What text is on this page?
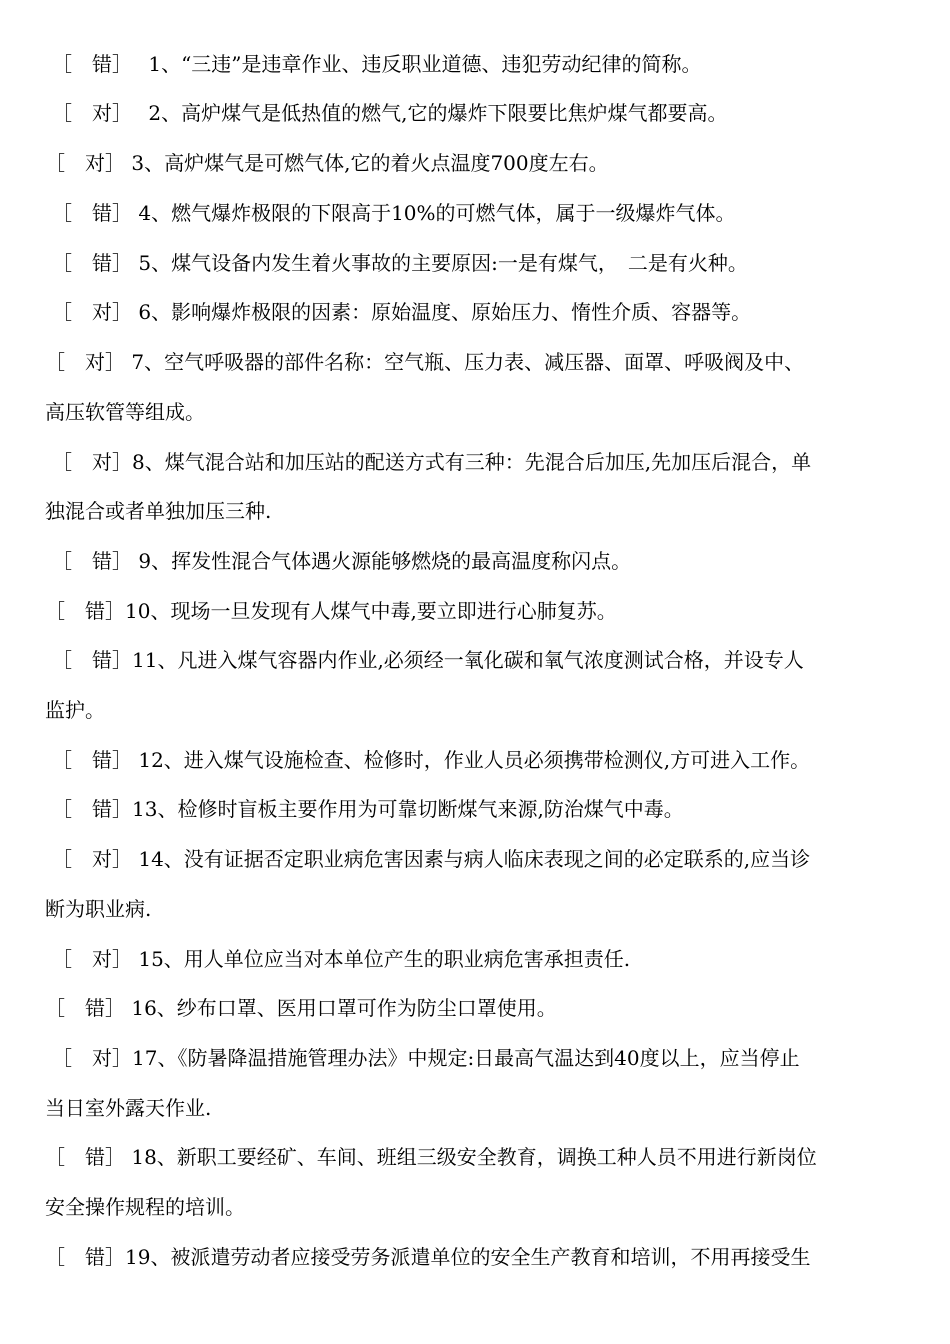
［　错］　 1、“三违”是违章作业、违反职业道德、违犯劳动纪律的简称。
［　对］　 2、高炉煤气是低热值的燃气,它的爆炸下限要比焦炉煤气都要高。
［　对］ 3、高炉煤气是可燃气体,它的着火点温度700度左右。
［　错］ 4、燃气爆炸极限的下限高于10%的可燃气体，属于一级爆炸气体。
［　错］ 5、煤气设备内发生着火事故的主要原因:一是有煤气，　二是有火种。
［　对］ 6、影响爆炸极限的因素：原始温度、原始压力、惰性介质、容器等。
［　对］ 7、空气呼吸器的部件名称：空气瓶、压力表、减压器、面罩、呼吸阀及中、
高压软管等组成。
［　对］8、煤气混合站和加压站的配送方式有三种：先混合后加压,先加压后混合，单
独混合或者单独加压三种.
［　错］ 9、挥发性混合气体遇火源能够燃烧的最高温度称闪点。
［　错］10、现场一旦发现有人煤气中毒,要立即进行心肺复苏。
［　错］11、凡进入煤气容器内作业,必须经一氧化碳和氧气浓度测试合格，并设专人
监护。
［　错］ 12、进入煤气设施检查、检修时，作业人员必须携带检测仪,方可进入工作。
［　错］13、检修时盲板主要作用为可靠切断煤气来源,防治煤气中毒。
［　对］ 14、没有证据否定职业病危害因素与病人临床表现之间的必定联系的,应当诊
断为职业病.
［　对］ 15、用人单位应当对本单位产生的职业病危害承担责任.
［　错］ 16、纱布口罩、医用口罩可作为防尘口罩使用。
［　对］17、《防暑降温措施管理办法》中规定:日最高气温达到40度以上，应当停止
当日室外露天作业.
［　错］ 18、新职工要经矿、车间、班组三级安全教育，调换工种人员不用进行新岗位
安全操作规程的培训。
［　错］19、被派遣劳动者应接受劳务派遣单位的安全生产教育和培训，不用再接受生
